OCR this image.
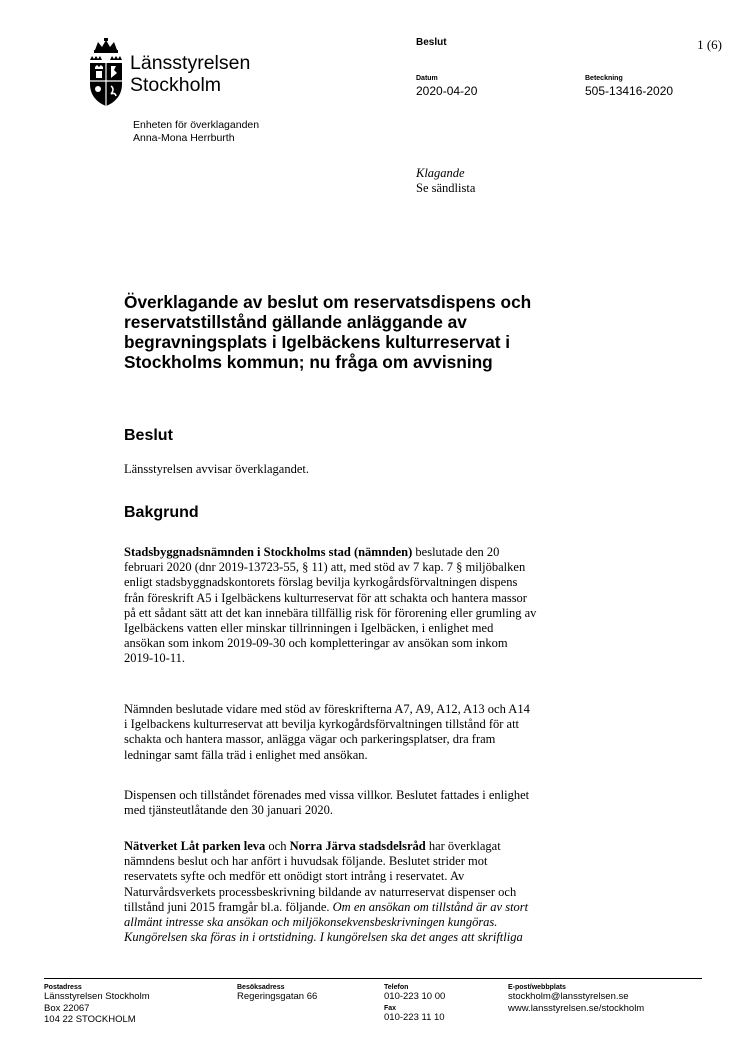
Länsstyrelsen
Stockholm
Beslut	1 (6)
Datum
2020-04-20
Beteckning
505-13416-2020
Enheten för överklaganden
Anna-Mona Herrburth
Klagande
Se sändlista
Överklagande av beslut om reservatsdispens och
reservatstillstånd gällande anläggande av
begravningsplats i Igelbäckens kulturreservat i
Stockholms kommun; nu fråga om avvisning
Beslut
Länsstyrelsen avvisar överklagandet.
Bakgrund
Stadsbyggnadsnämnden i Stockholms stad (nämnden) beslutade den 20
februari 2020 (dnr 2019-13723-55, § 11) att, med stöd av 7 kap. 7 § miljöbalken
enligt stadsbyggnadskontorets förslag bevilja kyrkogårdsförvaltningen dispens
från föreskrift A5 i Igelbäckens kulturreservat för att schakta och hantera massor
på ett sådant sätt att det kan innebära tillfällig risk för förorening eller grumling av
Igelbäckens vatten eller minskar tillrinningen i Igelbäcken, i enlighet med
ansökan som inkom 2019-09-30 och kompletteringar av ansökan som inkom
2019-10-11.
Nämnden beslutade vidare med stöd av föreskrifterna A7, A9, A12, A13 och A14
i Igelbackens kulturreservat att bevilja kyrkogårdsförvaltningen tillstånd för att
schakta och hantera massor, anlägga vägar och parkeringsplatser, dra fram
ledningar samt fälla träd i enlighet med ansökan.
Dispensen och tillståndet förenades med vissa villkor. Beslutet fattades i enlighet
med tjänsteutlåtande den 30 januari 2020.
Nätverket Låt parken leva och Norra Järva stadsdelsråd har överklagat
nämndens beslut och har anfört i huvudsak följande. Beslutet strider mot
reservatets syfte och medför ett onödigt stort intrång i reservatet. Av
Naturvårdsverkets processbeskrivning bildande av naturreservat dispenser och
tillstånd juni 2015 framgår bl.a. följande. Om en ansökan om tillstånd är av stort
allmänt intresse ska ansökan och miljökonsekvensbeskrivningen kungöras.
Kungörelsen ska föras in i ortstidning. I kungörelsen ska det anges att skriftliga
Postadress
Länsstyrelsen Stockholm
Box 22067
104 22 STOCKHOLM
Besöksadress
Regeringsgatan 66
Telefon
010-223 10 00
Fax
010-223 11 10
E-post/webbplats
stockholm@lansstyrelsen.se
www.lansstyrelsen.se/stockholm
